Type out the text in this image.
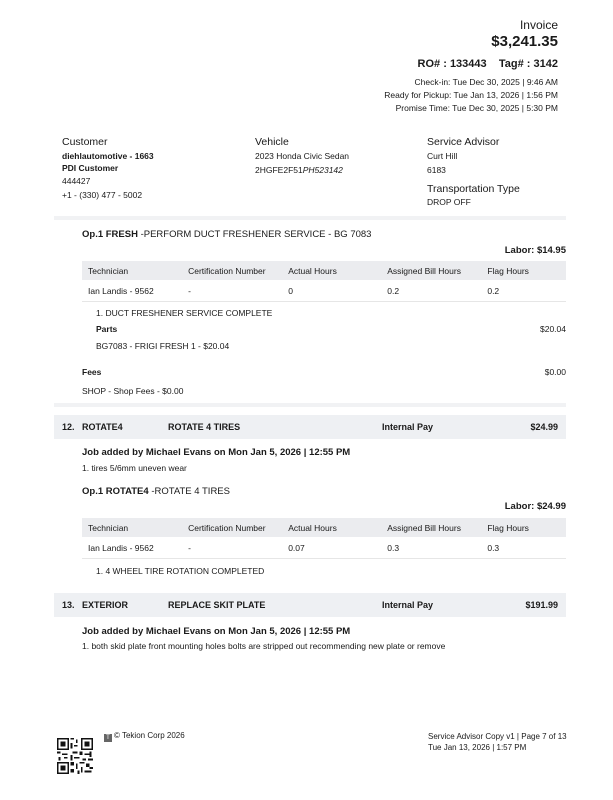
Invoice
$3,241.35
RO# : 133443 Tag# : 3142
Check-in: Tue Dec 30, 2025 | 9:46 AM
Ready for Pickup: Tue Jan 13, 2026 | 1:56 PM
Promise Time: Tue Dec 30, 2025 | 5:30 PM
Customer
diehlautomotive - 1663
PDI Customer
444427
+1 - (330) 477 - 5002
Vehicle
2023 Honda Civic Sedan
2HGFE2F51PH523142
Service Advisor
Curt Hill
6183
Transportation Type
DROP OFF
Op.1 FRESH -PERFORM DUCT FRESHENER SERVICE - BG 7083
Labor: $14.95
Technician	Certification Number	Actual Hours	Assigned Bill Hours	Flag Hours
Ian Landis - 9562	-	0	0.2	0.2
1. DUCT FRESHENER SERVICE COMPLETE
Parts	$20.04
BG7083 - FRIGI FRESH 1 - $20.04
Fees	$0.00
SHOP - Shop Fees - $0.00
12. ROTATE4	ROTATE 4 TIRES	Internal Pay	$24.99
Job added by Michael Evans on Mon Jan 5, 2026 | 12:55 PM
1. tires 5/6mm uneven wear
Op.1 ROTATE4 -ROTATE 4 TIRES
Labor: $24.99
Technician	Certification Number	Actual Hours	Assigned Bill Hours	Flag Hours
Ian Landis - 9562	-	0.07	0.3	0.3
1. 4 WHEEL TIRE ROTATION COMPLETED
13. EXTERIOR	REPLACE SKIT PLATE	Internal Pay	$191.99
Job added by Michael Evans on Mon Jan 5, 2026 | 12:55 PM
1. both skid plate front mounting holes bolts are stripped out recommending new plate or remove
T © Tekion Corp 2026	Service Advisor Copy v1 | Page 7 of 13
Tue Jan 13, 2026 | 1:57 PM
